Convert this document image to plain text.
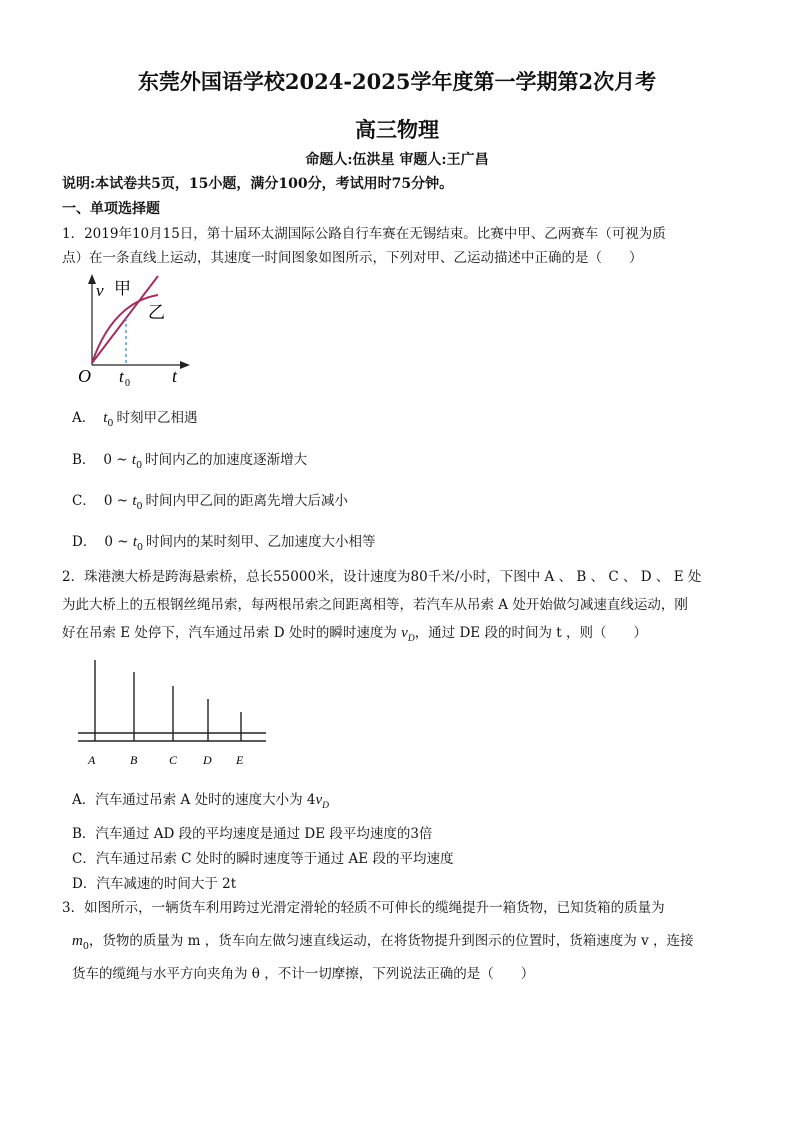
东莞外国语学校2024-2025学年度第一学期第2次月考
高三物理
命题人:伍洪星 审题人:王广昌
说明:本试卷共5页，15小题，满分100分，考试用时75分钟。
一、单项选择题
1．2019年10月15日，第十届环太湖国际公路自行车赛在无锡结束。比赛中甲、乙两赛车（可视为质
点）在一条直线上运动，其速度一时间图象如图所示，下列对甲、乙运动描述中正确的是（　　）
v 甲
乙
O t 0 t
A． $t_0$ 时刻甲乙相遇
B． 0 ~ $t_0$ 时间内乙的加速度逐渐增大
C． 0 ~ $t_0$ 时间内甲乙间的距离先增大后减小
D． 0 ~ $t_0$ 时间内的某时刻甲、乙加速度大小相等
2．珠港澳大桥是跨海悬索桥，总长55000米，设计速度为80千米/小时，下图中 A 、 B 、 C 、 D 、 E 处
为此大桥上的五根钢丝绳吊索，每两根吊索之间距离相等，若汽车从吊索 A 处开始做匀减速直线运动，刚
好在吊索 E 处停下，汽车通过吊索 D 处时的瞬时速度为 $v_D$，通过 DE 段的时间为 t ，则（　　）
A	B	C D E
A．汽车通过吊索 A 处时的速度大小为 $4v_D$
B．汽车通过 AD 段的平均速度是通过 DE 段平均速度的3倍
C．汽车通过吊索 C 处时的瞬时速度等于通过 AE 段的平均速度
D．汽车减速的时间大于 2t
3．如图所示，一辆货车利用跨过光滑定滑轮的轻质不可伸长的缆绳提升一箱货物，已知货箱的质量为
$m_0$，货物的质量为 m ，货车向左做匀速直线运动，在将货物提升到图示的位置时，货箱速度为 v ，连接
货车的缆绳与水平方向夹角为 θ ，不计一切摩擦，下列说法正确的是（　　）
